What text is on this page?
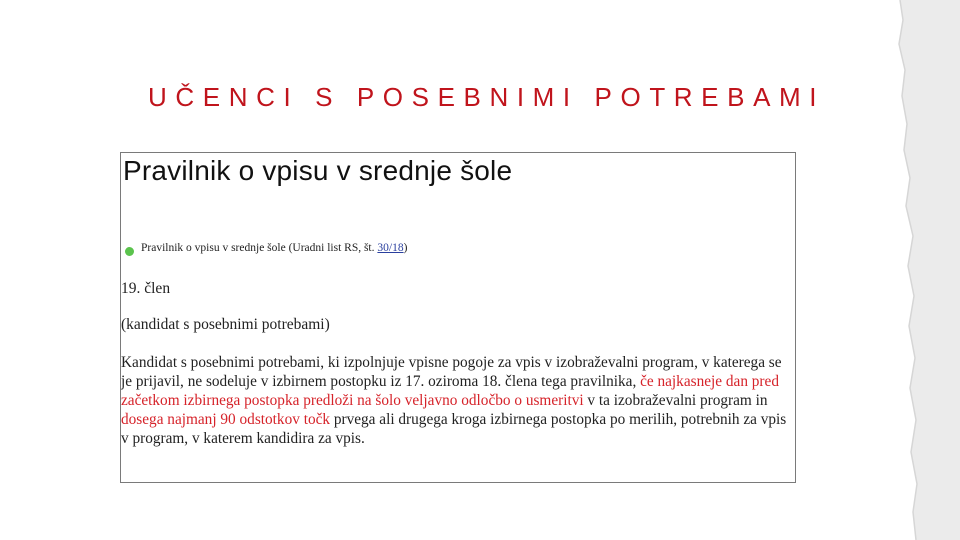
UČENCI S POSEBNIMI POTREBAMI
Pravilnik o vpisu v srednje šole
Pravilnik o vpisu v srednje šole (Uradni list RS, št. 30/18)
19. člen
(kandidat s posebnimi potrebami)
Kandidat s posebnimi potrebami, ki izpolnjuje vpisne pogoje za vpis v izobraževalni program, v katerega se je prijavil, ne sodeluje v izbirnem postopku iz 17. oziroma 18. člena tega pravilnika, če najkasneje dan pred začetkom izbirnega postopka predloži na šolo veljavno odločbo o usmeritvi v ta izobraževalni program in dosega najmanj 90 odstotkov točk prvega ali drugega kroga izbirnega postopka po merilih, potrebnih za vpis v program, v katerem kandidira za vpis.
